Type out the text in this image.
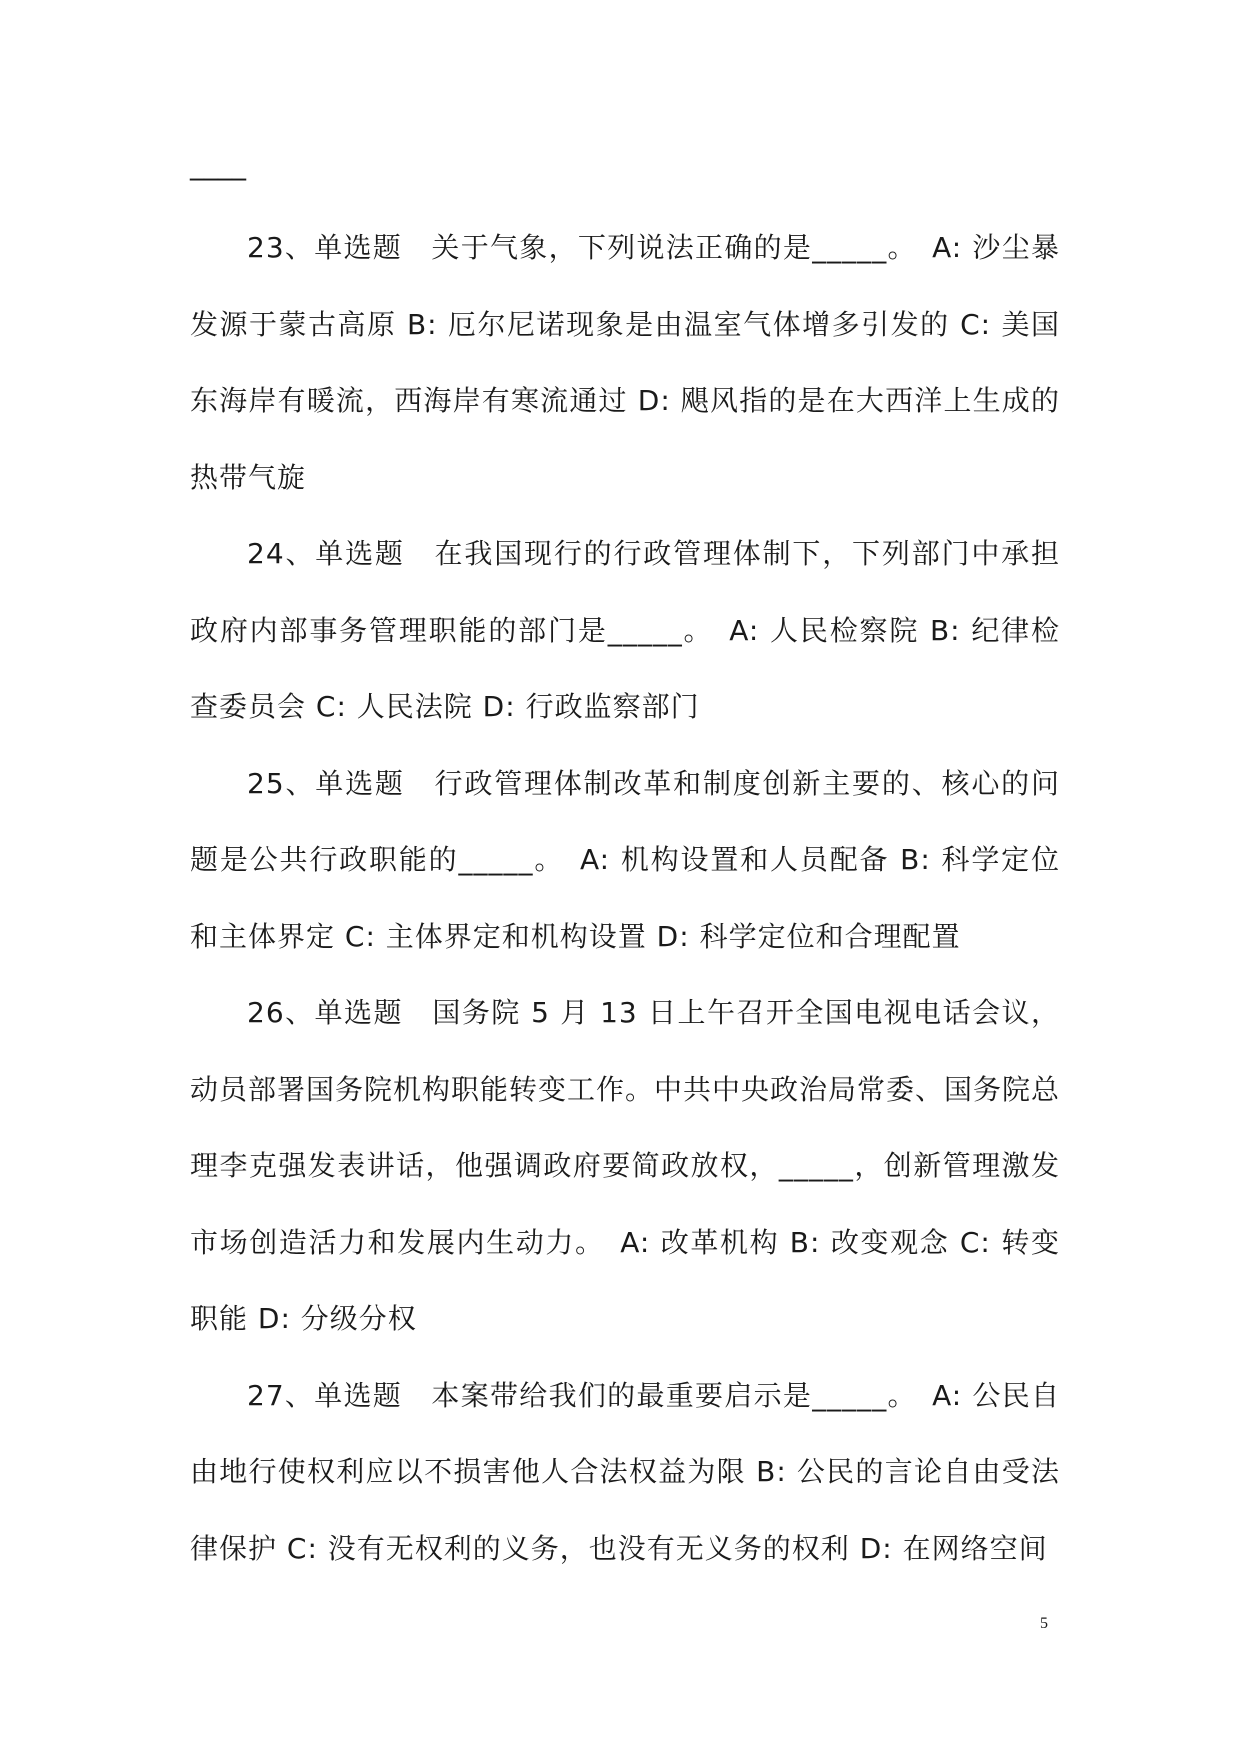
____

23、单选题　关于气象，下列说法正确的是_____。　A: 沙尘暴发源于蒙古高原 B: 厄尔尼诺现象是由温室气体增多引发的 C: 美国东海岸有暖流，西海岸有寒流通过 D: 飓风指的是在大西洋上生成的热带气旋

24、单选题　在我国现行的行政管理体制下，下列部门中承担政府内部事务管理职能的部门是_____。　A: 人民检察院 B: 纪律检查委员会 C: 人民法院 D: 行政监察部门

25、单选题　行政管理体制改革和制度创新主要的、核心的问题是公共行政职能的_____。　A: 机构设置和人员配备 B: 科学定位和主体界定 C: 主体界定和机构设置 D: 科学定位和合理配置

26、单选题　国务院 5 月 13 日上午召开全国电视电话会议，动员部署国务院机构职能转变工作。中共中央政治局常委、国务院总理李克强发表讲话，他强调政府要简政放权，_____，创新管理激发市场创造活力和发展内生动力。　A: 改革机构 B: 改变观念 C: 转变职能 D: 分级分权

27、单选题　本案带给我们的最重要启示是_____。　A: 公民自由地行使权利应以不损害他人合法权益为限 B: 公民的言论自由受法律保护 C: 没有无权利的义务，也没有无义务的权利 D: 在网络空间

5
